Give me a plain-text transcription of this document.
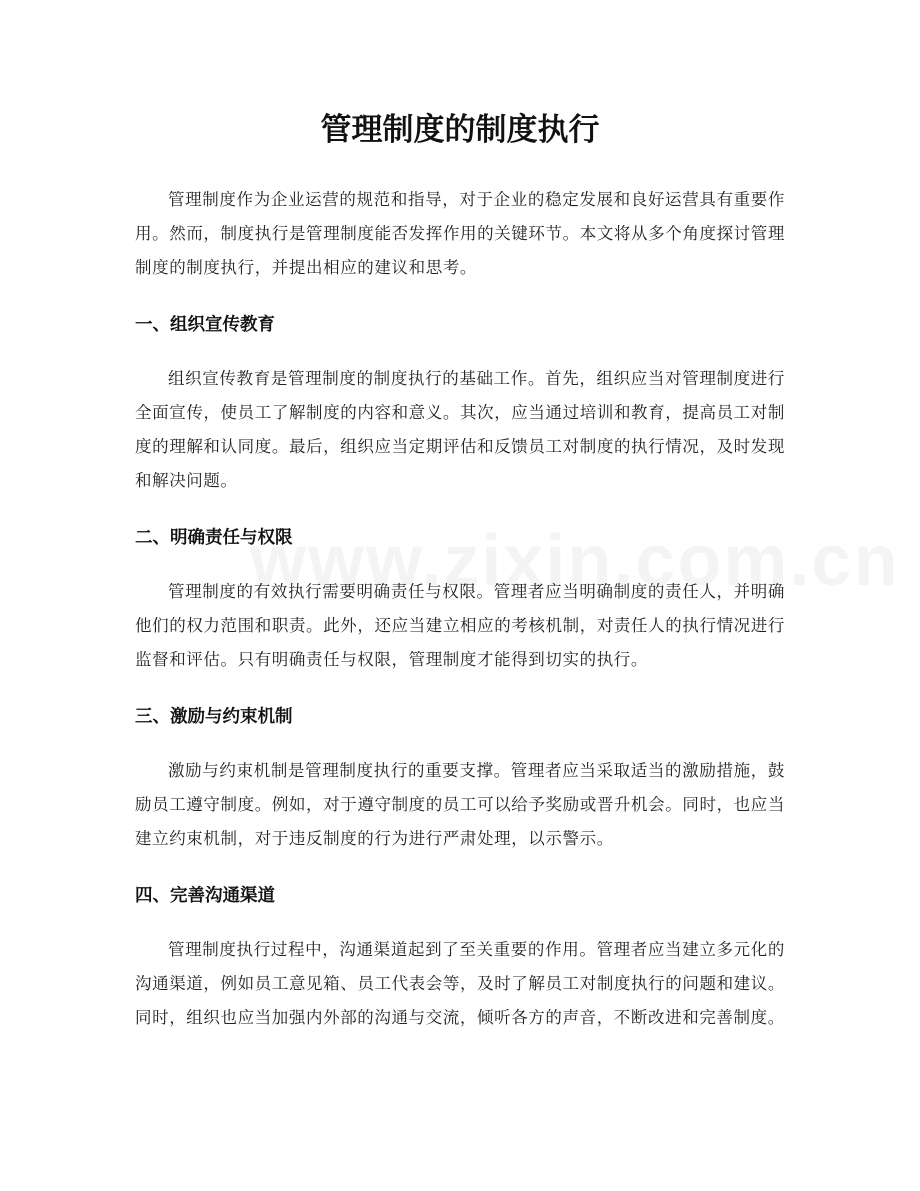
管理制度的制度执行

管理制度作为企业运营的规范和指导，对于企业的稳定发展和良好运营具有重要作用。然而，制度执行是管理制度能否发挥作用的关键环节。本文将从多个角度探讨管理制度的制度执行，并提出相应的建议和思考。

一、组织宣传教育

组织宣传教育是管理制度的制度执行的基础工作。首先，组织应当对管理制度进行全面宣传，使员工了解制度的内容和意义。其次，应当通过培训和教育，提高员工对制度的理解和认同度。最后，组织应当定期评估和反馈员工对制度的执行情况，及时发现和解决问题。

二、明确责任与权限

管理制度的有效执行需要明确责任与权限。管理者应当明确制度的责任人，并明确他们的权力范围和职责。此外，还应当建立相应的考核机制，对责任人的执行情况进行监督和评估。只有明确责任与权限，管理制度才能得到切实的执行。

三、激励与约束机制

激励与约束机制是管理制度执行的重要支撑。管理者应当采取适当的激励措施，鼓励员工遵守制度。例如，对于遵守制度的员工可以给予奖励或晋升机会。同时，也应当建立约束机制，对于违反制度的行为进行严肃处理，以示警示。

四、完善沟通渠道

管理制度执行过程中，沟通渠道起到了至关重要的作用。管理者应当建立多元化的沟通渠道，例如员工意见箱、员工代表会等，及时了解员工对制度执行的问题和建议。同时，组织也应当加强内外部的沟通与交流，倾听各方的声音，不断改进和完善制度。
